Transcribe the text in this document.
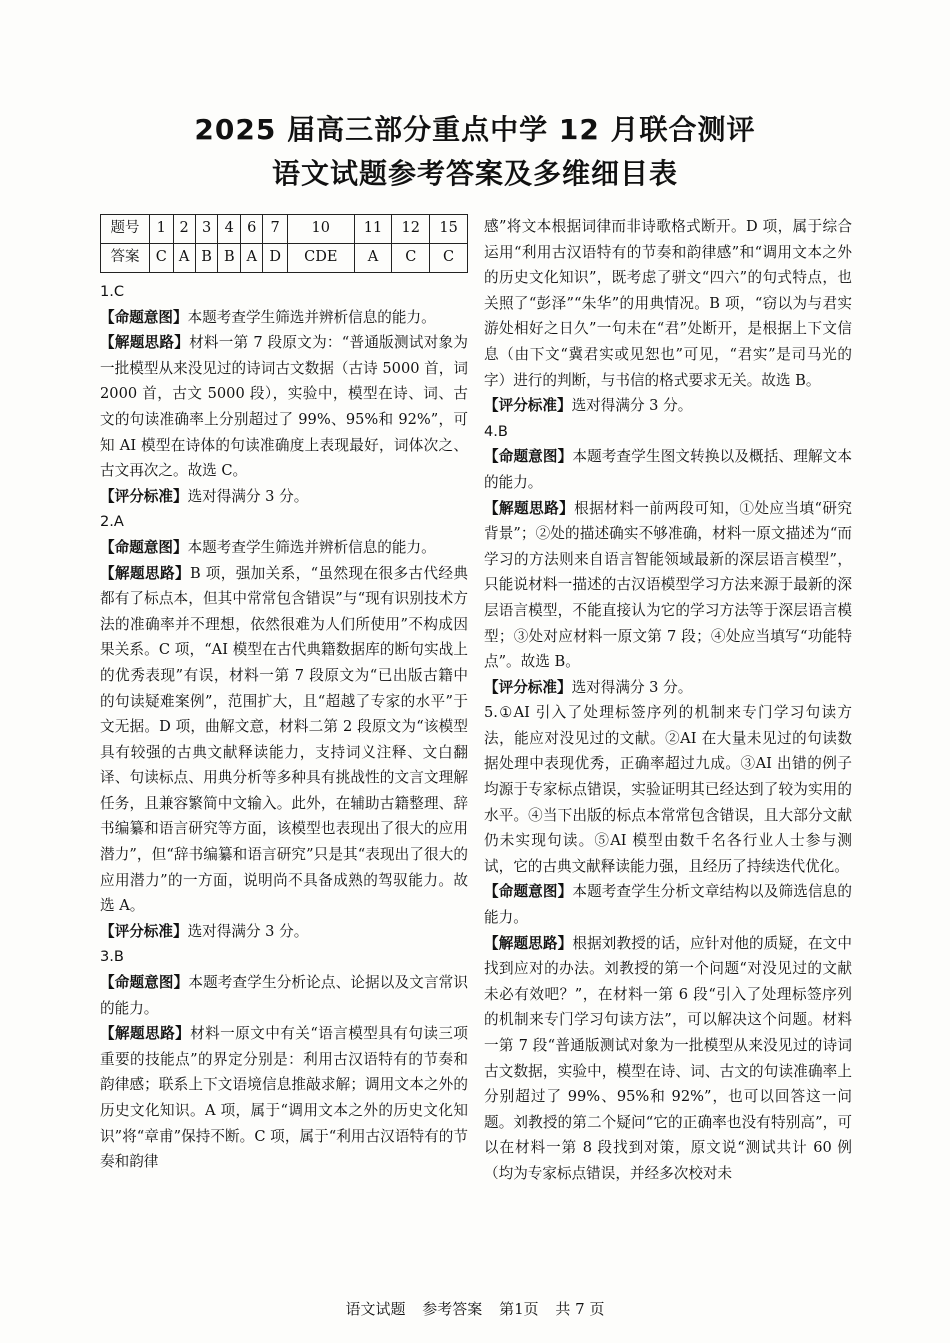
2025 届高三部分重点中学 12 月联合测评
语文试题参考答案及多维细目表
题号	1	2	3	4	6	7	10	11	12	15
答案	C	A	B	B	A	D	CDE	A	C	C

1.C

【命题意图】本题考查学生筛选并辨析信息的能力。

【解题思路】材料一第 7 段原文为：“普通版测试对象为一批模型从来没见过的诗词古文数据（古诗 5000 首，词 2000 首，古文 5000 段），实验中，模型在诗、词、古文的句读准确率上分别超过了 99%、95%和 92%”，可知 AI 模型在诗体的句读准确度上表现最好，词体次之、古文再次之。故选 C。

【评分标准】选对得满分 3 分。

2.A

【命题意图】本题考查学生筛选并辨析信息的能力。

【解题思路】B 项，强加关系，“虽然现在很多古代经典都有了标点本，但其中常常包含错误”与“现有识别技术方法的准确率并不理想，依然很难为人们所使用”不构成因果关系。C 项，“AI 模型在古代典籍数据库的断句实战上的优秀表现”有误，材料一第 7 段原文为“已出版古籍中的句读疑难案例”，范围扩大，且“超越了专家的水平”于文无据。D 项，曲解文意，材料二第 2 段原文为“该模型具有较强的古典文献释读能力，支持词义注释、文白翻译、句读标点、用典分析等多种具有挑战性的文言文理解任务，且兼容繁简中文输入。此外，在辅助古籍整理、辞书编纂和语言研究等方面，该模型也表现出了很大的应用潜力”，但“辞书编纂和语言研究”只是其“表现出了很大的应用潜力”的一方面，说明尚不具备成熟的驾驭能力。故选 A。

【评分标准】选对得满分 3 分。

3.B

【命题意图】本题考查学生分析论点、论据以及文言常识的能力。

【解题思路】材料一原文中有关“语言模型具有句读三项重要的技能点”的界定分别是：利用古汉语特有的节奏和韵律感；联系上下文语境信息推敲求解；调用文本之外的历史文化知识。A 项，属于“调用文本之外的历史文化知识”将“章甫”保持不断。C 项，属于“利用古汉语特有的节奏和韵律

感”将文本根据词律而非诗歌格式断开。D 项，属于综合运用“利用古汉语特有的节奏和韵律感”和“调用文本之外的历史文化知识”，既考虑了骈文“四六”的句式特点，也关照了“彭泽”“朱华”的用典情况。B 项，“窃以为与君实游处相好之日久”一句未在“君”处断开，是根据上下文信息（由下文“冀君实或见恕也”可见，“君实”是司马光的字）进行的判断，与书信的格式要求无关。故选 B。

【评分标准】选对得满分 3 分。

4.B

【命题意图】本题考查学生图文转换以及概括、理解文本的能力。

【解题思路】根据材料一前两段可知，①处应当填“研究背景”；②处的描述确实不够准确，材料一原文描述为“而学习的方法则来自语言智能领域最新的深层语言模型”，只能说材料一描述的古汉语模型学习方法来源于最新的深层语言模型，不能直接认为它的学习方法等于深层语言模型；③处对应材料一原文第 7 段；④处应当填写“功能特点”。故选 B。

【评分标准】选对得满分 3 分。

5.①AI 引入了处理标签序列的机制来专门学习句读方法，能应对没见过的文献。②AI 在大量未见过的句读数据处理中表现优秀，正确率超过九成。③AI 出错的例子均源于专家标点错误，实验证明其已经达到了较为实用的水平。④当下出版的标点本常常包含错误，且大部分文献仍未实现句读。⑤AI 模型由数千名各行业人士参与测试，它的古典文献释读能力强，且经历了持续迭代优化。

【命题意图】本题考查学生分析文章结构以及筛选信息的能力。

【解题思路】根据刘教授的话，应针对他的质疑，在文中找到应对的办法。刘教授的第一个问题“对没见过的文献未必有效吧？”，在材料一第 6 段“引入了处理标签序列的机制来专门学习句读方法”，可以解决这个问题。材料一第 7 段“普通版测试对象为一批模型从来没见过的诗词古文数据，实验中，模型在诗、词、古文的句读准确率上分别超过了 99%、95%和 92%”，也可以回答这一问题。刘教授的第二个疑问“它的正确率也没有特别高”，可以在材料一第 8 段找到对策，原文说“测试共计 60 例（均为专家标点错误，并经多次校对未

语文试题 参考答案 第1页 共 7 页
